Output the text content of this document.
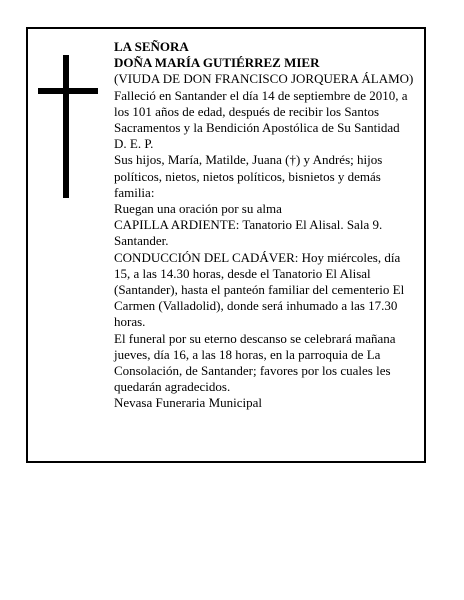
LA SEÑORA

DOÑA MARÍA GUTIÉRREZ MIER

(VIUDA DE DON FRANCISCO JORQUERA ÁLAMO)

Falleció en Santander el día 14 de septiembre de 2010, a los 101 años de edad, después de recibir los Santos Sacramentos y la Bendición Apostólica de Su Santidad D. E. P.

Sus hijos, María, Matilde, Juana (†) y Andrés; hijos políticos, nietos, nietos políticos, bisnietos y demás familia:

Ruegan una oración por su alma

CAPILLA ARDIENTE: Tanatorio El Alisal. Sala 9. Santander.

CONDUCCIÓN DEL CADÁVER: Hoy miércoles, día 15, a las 14.30 horas, desde el Tanatorio El Alisal (Santander), hasta el panteón familiar del cementerio El Carmen (Valladolid), donde será inhumado a las 17.30 horas.

El funeral por su eterno descanso se celebrará mañana jueves, día 16, a las 18 horas, en la parroquia de La Consolación, de Santander; favores por los cuales les quedarán agradecidos.

Nevasa Funeraria Municipal
